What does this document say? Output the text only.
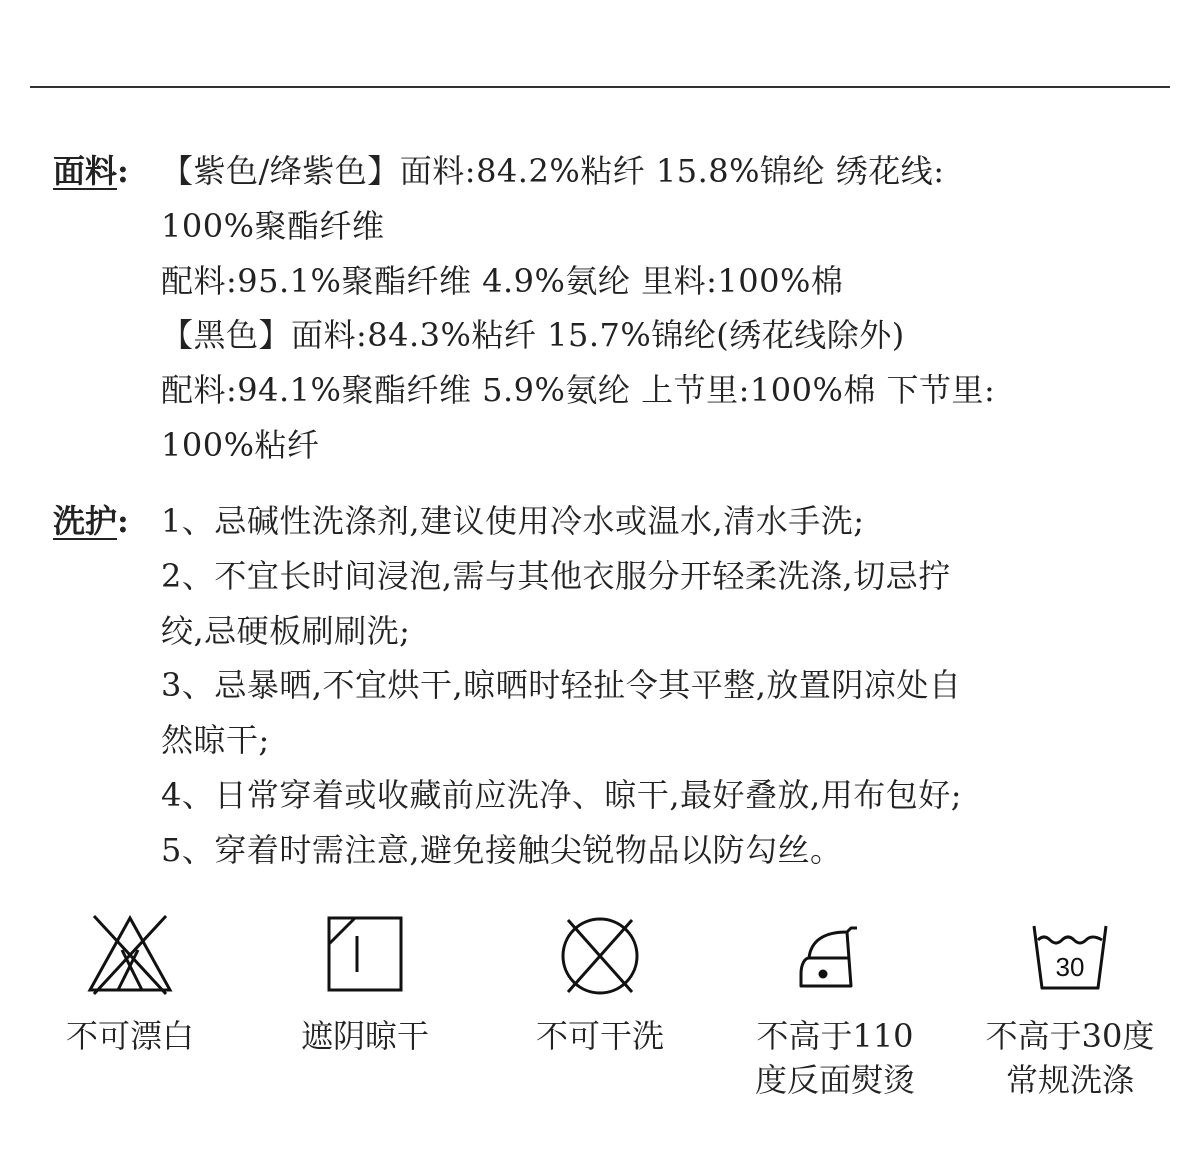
面料:	【紫色/绛紫色】面料:84.2%粘纤 15.8%锦纶 绣花线:
100%聚酯纤维
配料:95.1%聚酯纤维 4.9%氨纶 里料:100%棉
【黑色】面料:84.3%粘纤 15.7%锦纶(绣花线除外)
配料:94.1%聚酯纤维 5.9%氨纶 上节里:100%棉 下节里:
100%粘纤
洗护:	1、忌碱性洗涤剂,建议使用冷水或温水,清水手洗;
2、不宜长时间浸泡,需与其他衣服分开轻柔洗涤,切忌拧
绞,忌硬板刷刷洗;
3、忌暴晒,不宜烘干,晾晒时轻扯令其平整,放置阴凉处自
然晾干;
4、日常穿着或收藏前应洗净、晾干,最好叠放,用布包好;
5、穿着时需注意,避免接触尖锐物品以防勾丝。
不可漂白	遮阴晾干	不可干洗	不高于110
度反面熨烫
30
不高于30度
常规洗涤
